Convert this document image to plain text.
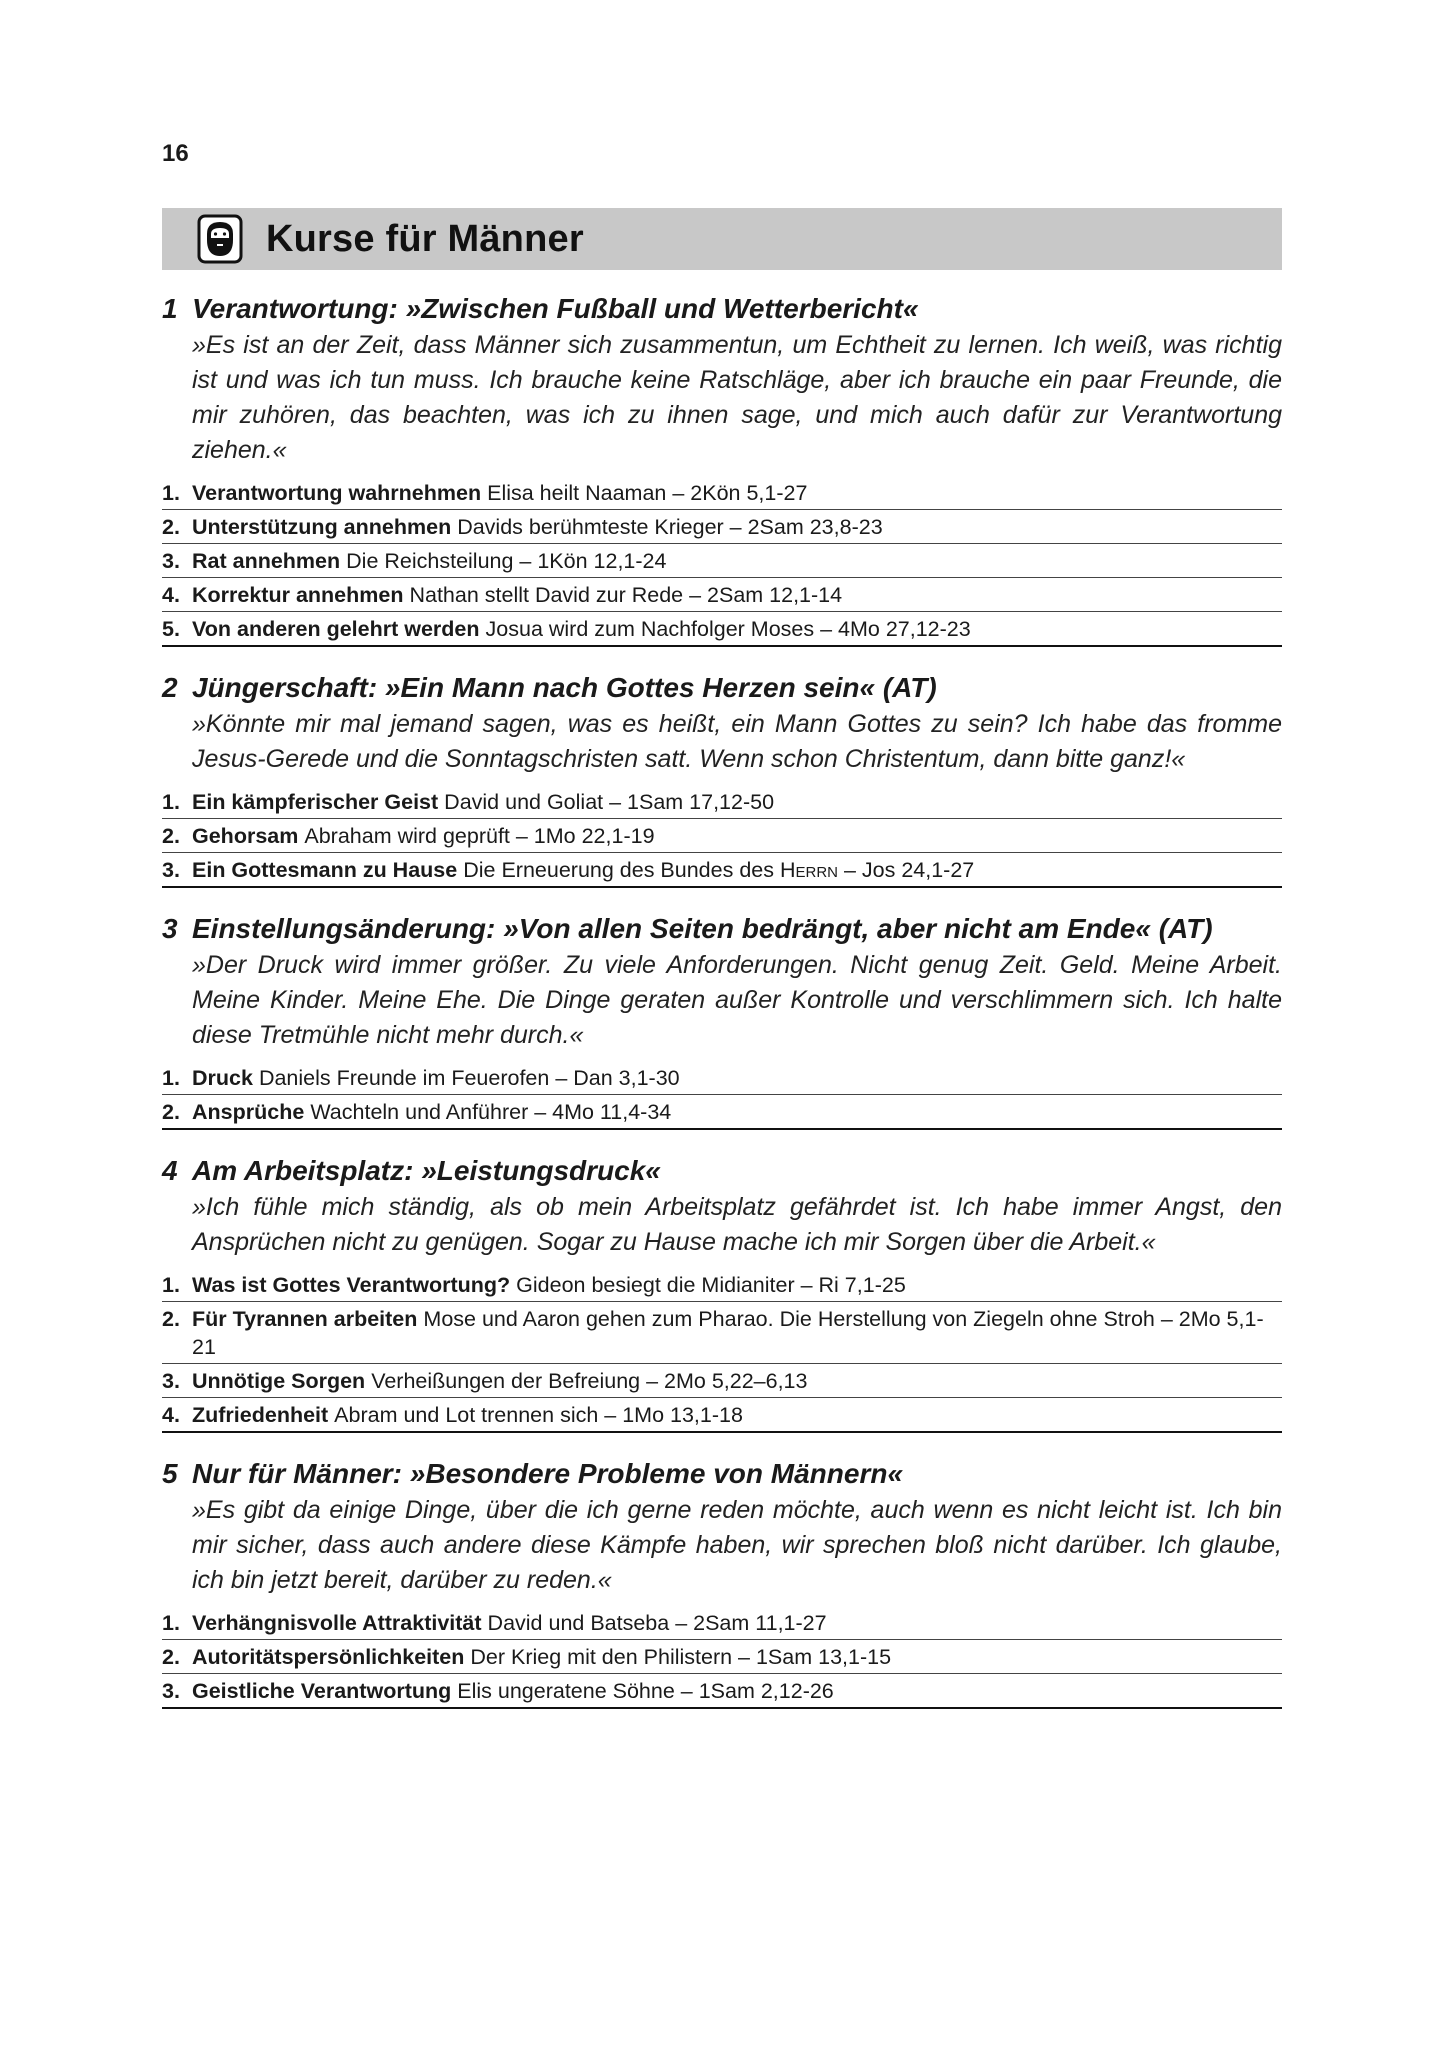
16
Kurse für Männer
1 Verantwortung: »Zwischen Fußball und Wetterbericht«
»Es ist an der Zeit, dass Männer sich zusammentun, um Echtheit zu lernen. Ich weiß, was richtig ist und was ich tun muss. Ich brauche keine Ratschläge, aber ich brauche ein paar Freunde, die mir zuhören, das beachten, was ich zu ihnen sage, und mich auch dafür zur Verantwortung ziehen.«
1. Verantwortung wahrnehmen Elisa heilt Naaman – 2Kön 5,1-27
2. Unterstützung annehmen Davids berühmteste Krieger – 2Sam 23,8-23
3. Rat annehmen Die Reichsteilung – 1Kön 12,1-24
4. Korrektur annehmen Nathan stellt David zur Rede – 2Sam 12,1-14
5. Von anderen gelehrt werden Josua wird zum Nachfolger Moses – 4Mo 27,12-23
2 Jüngerschaft: »Ein Mann nach Gottes Herzen sein« (AT)
»Könnte mir mal jemand sagen, was es heißt, ein Mann Gottes zu sein? Ich habe das fromme Jesus-Gerede und die Sonntagschristen satt. Wenn schon Christentum, dann bitte ganz!«
1. Ein kämpferischer Geist David und Goliat – 1Sam 17,12-50
2. Gehorsam Abraham wird geprüft – 1Mo 22,1-19
3. Ein Gottesmann zu Hause Die Erneuerung des Bundes des Herrn – Jos 24,1-27
3 Einstellungsänderung: »Von allen Seiten bedrängt, aber nicht am Ende« (AT)
»Der Druck wird immer größer. Zu viele Anforderungen. Nicht genug Zeit. Geld. Meine Arbeit. Meine Kinder. Meine Ehe. Die Dinge geraten außer Kontrolle und verschlimmern sich. Ich halte diese Tretmühle nicht mehr durch.«
1. Druck Daniels Freunde im Feuerofen – Dan 3,1-30
2. Ansprüche Wachteln und Anführer – 4Mo 11,4-34
4 Am Arbeitsplatz: »Leistungsdruck«
»Ich fühle mich ständig, als ob mein Arbeitsplatz gefährdet ist. Ich habe immer Angst, den Ansprüchen nicht zu genügen. Sogar zu Hause mache ich mir Sorgen über die Arbeit.«
1. Was ist Gottes Verantwortung? Gideon besiegt die Midianiter – Ri 7,1-25
2. Für Tyrannen arbeiten Mose und Aaron gehen zum Pharao. Die Herstellung von Ziegeln ohne Stroh – 2Mo 5,1-21
3. Unnötige Sorgen Verheißungen der Befreiung – 2Mo 5,22–6,13
4. Zufriedenheit Abram und Lot trennen sich – 1Mo 13,1-18
5 Nur für Männer: »Besondere Probleme von Männern«
»Es gibt da einige Dinge, über die ich gerne reden möchte, auch wenn es nicht leicht ist. Ich bin mir sicher, dass auch andere diese Kämpfe haben, wir sprechen bloß nicht darüber. Ich glaube, ich bin jetzt bereit, darüber zu reden.«
1. Verhängnisvolle Attraktivität David und Batseba – 2Sam 11,1-27
2. Autoritätspersönlichkeiten Der Krieg mit den Philistern – 1Sam 13,1-15
3. Geistliche Verantwortung Elis ungeratene Söhne – 1Sam 2,12-26
